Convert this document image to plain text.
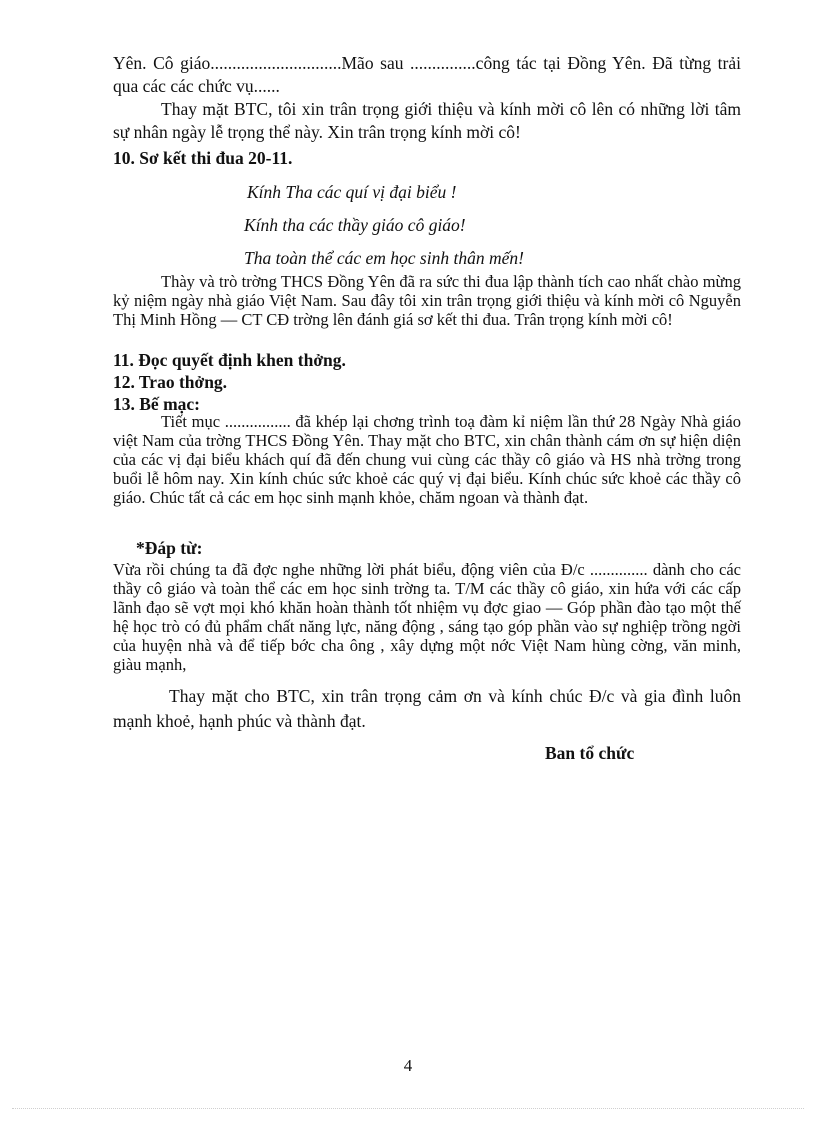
Yên. Cô giáo..............................Mão sau ...............công tác tại Đồng Yên. Đã từng trải qua các các chức vụ......

Thay mặt BTC, tôi xin trân trọng giới thiệu và kính mời cô lên có những lời tâm sự nhân ngày lễ trọng thể này. Xin trân trọng kính mời cô!

10. Sơ kết thi đua 20-11.

Kính Tha các quí vị đại biểu !

Kính tha các thầy giáo cô giáo!

Tha toàn thể các em học sinh thân mến!

Thày và trò trờng THCS Đồng Yên đã ra sức thi đua lập thành tích cao nhất chào mừng kỷ niệm ngày nhà giáo Việt Nam. Sau đây tôi xin trân trọng giới thiệu và kính mời cô Nguyễn Thị Minh Hồng — CT CĐ trờng lên đánh giá sơ kết thi đua. Trân trọng kính mời cô!

11. Đọc quyết định khen thởng.

12. Trao thởng.

13. Bế mạc:

Tiết mục ................ đã khép lại chơng trình toạ đàm kỉ niệm lần thứ 28 Ngày Nhà giáo việt Nam của trờng THCS Đồng Yên. Thay mặt cho BTC, xin chân thành cám ơn sự hiện diện của các vị đại biểu khách quí đã đến chung vui cùng các thầy cô giáo và HS nhà trờng trong buổi lễ hôm nay. Xin kính chúc sức khoẻ các quý vị đại biểu. Kính chúc sức khoẻ các thầy cô giáo. Chúc tất cả các em học sinh mạnh khỏe, chăm ngoan và thành đạt.

*Đáp từ:

Vừa rồi chúng ta đã đợc nghe những lời phát biểu, động viên của Đ/c .............. dành cho các thầy cô giáo và toàn thể các em học sinh trờng ta. T/M các thầy cô giáo, xin hứa với các cấp lãnh đạo sẽ vợt mọi khó khăn hoàn thành tốt nhiệm vụ đợc giao — Góp phần đào tạo một thế hệ học trò có đủ phẩm chất năng lực, năng động , sáng tạo góp phần vào sự nghiệp trồng ngời của huyện nhà và để tiếp bớc cha ông , xây dựng một nớc Việt Nam hùng cờng, văn minh, giàu mạnh,

Thay mặt cho BTC, xin trân trọng cảm ơn và kính chúc Đ/c và gia đình luôn mạnh khoẻ, hạnh phúc và thành đạt.

Ban tổ chức

4
